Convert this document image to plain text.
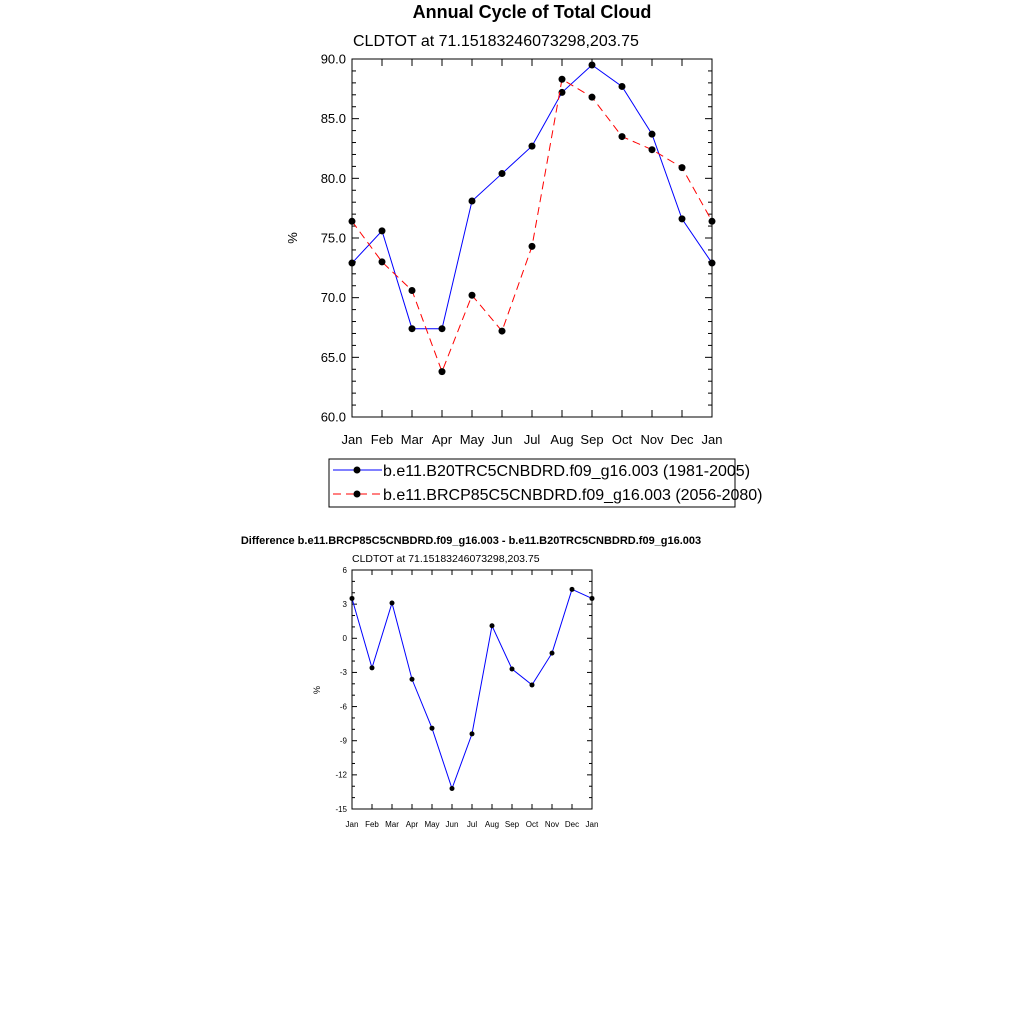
Annual Cycle of Total Cloud
CLDTOT at 71.15183246073298,203.75
%
Jan Feb Mar Apr May Jun Jul Aug Sep Oct Nov Dec Jan
60.0
65.0
70.0
75.0
80.0
85.0
90.0
b.e11.B20TRC5CNBDRD.f09_g16.003 (1981-2005)
b.e11.BRCP85C5CNBDRD.f09_g16.003 (2056-2080)
Difference b.e11.BRCP85C5CNBDRD.f09_g16.003 - b.e11.B20TRC5CNBDRD.f09_g16.003
CLDTOT at 71.15183246073298,203.75
%
Jan Feb Mar Apr May Jun Jul Aug Sep Oct Nov Dec Jan
-15
-12
-9
-6
-3
0
3
6
